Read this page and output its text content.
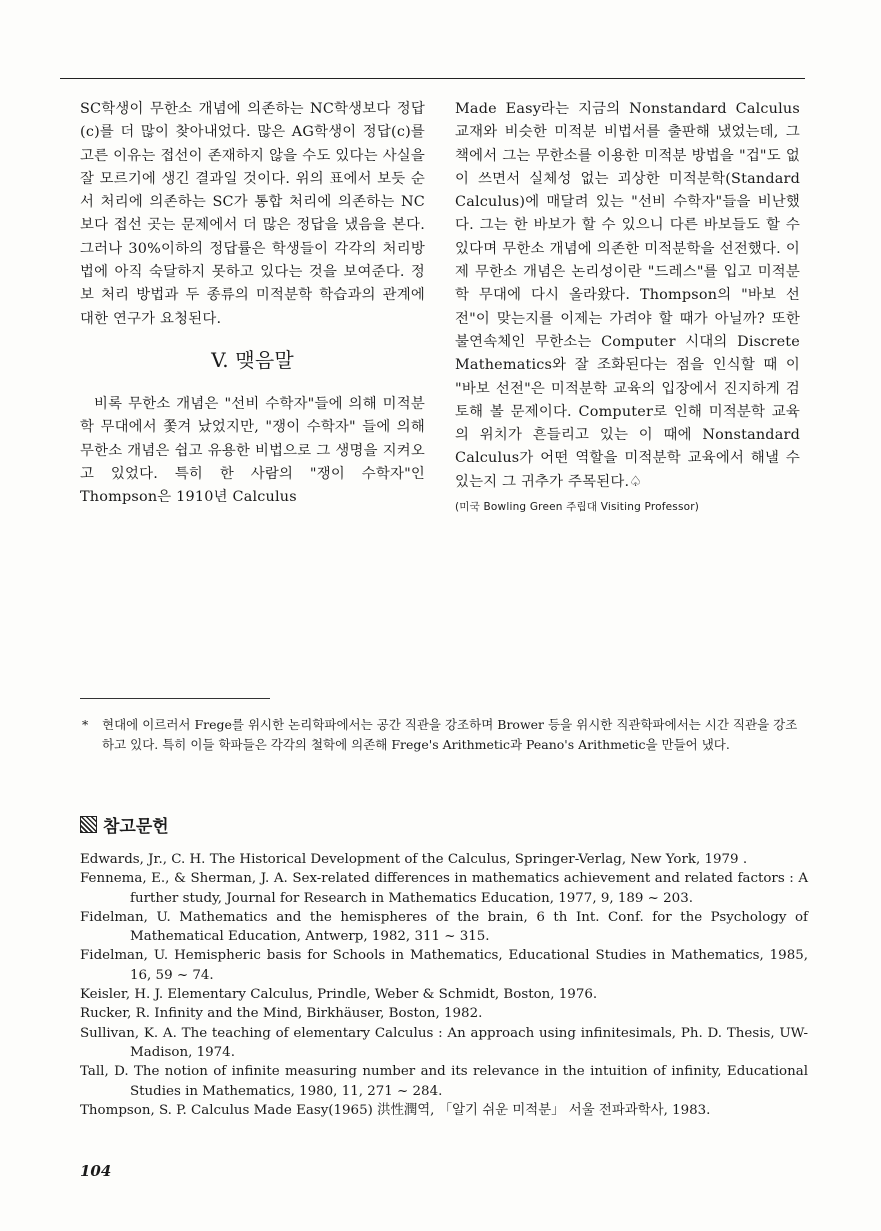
SC학생이 무한소 개념에 의존하는 NC학생보다 정답(c)를 더 많이 찾아내었다. 많은 AG학생이 정답(c)를 고른 이유는 접선이 존재하지 않을 수도 있다는 사실을 잘 모르기에 생긴 결과일 것이다. 위의 표에서 보듯 순서 처리에 의존하는 SC가 통합 처리에 의존하는 NC보다 접선 곳는 문제에서 더 많은 정답을 냈음을 본다. 그러나 30%이하의 정답률은 학생들이 각각의 처리방법에 아직 숙달하지 못하고 있다는 것을 보여준다. 정보 처리 방법과 두 종류의 미적분학 학습과의 관계에 대한 연구가 요청된다.

V. 맺음말

비록 무한소 개념은 "선비 수학자"들에 의해 미적분학 무대에서 쫓겨 났었지만, "쟁이 수학자" 들에 의해 무한소 개념은 쉽고 유용한 비법으로 그 생명을 지켜오고 있었다. 특히 한 사람의 "쟁이 수학자"인 Thompson은 1910년 Calculus

Made Easy라는 지금의 Nonstandard Calculus 교재와 비슷한 미적분 비법서를 출판해 냈었는데, 그 책에서 그는 무한소를 이용한 미적분 방법을 "겁"도 없이 쓰면서 실체성 없는 괴상한 미적분학(Standard Calculus)에 매달려 있는 "선비 수학자"들을 비난했다. 그는 한 바보가 할 수 있으니 다른 바보들도 할 수 있다며 무한소 개념에 의존한 미적분학을 선전했다. 이제 무한소 개념은 논리성이란 "드레스"를 입고 미적분학 무대에 다시 올라왔다. Thompson의 "바보 선전"이 맞는지를 이제는 가려야 할 때가 아닐까? 또한 불연속체인 무한소는 Computer 시대의 Discrete Mathematics와 잘 조화된다는 점을 인식할 때 이 "바보 선전"은 미적분학 교육의 입장에서 진지하게 검토해 볼 문제이다. Computer로 인해 미적분학 교육의 위치가 흔들리고 있는 이 때에 Nonstandard Calculus가 어떤 역할을 미적분학 교육에서 해낼 수 있는지 그 귀추가 주목된다.♤

(미국 Bowling Green 주립대 Visiting Professor)

* 현대에 이르러서 Frege를 위시한 논리학파에서는 공간 직관을 강조하며 Brower 등을 위시한 직관학파에서는 시간 직관을 강조하고 있다. 특히 이들 학파들은 각각의 철학에 의존해 Frege's Arithmetic과 Peano's Arithmetic을 만들어 냈다.
참고문헌
Edwards, Jr., C. H. The Historical Development of the Calculus, Springer-Verlag, New York, 1979 .
Fennema, E., & Sherman, J. A. Sex-related differences in mathematics achievement and related factors : A further study, Journal for Research in Mathematics Education, 1977, 9, 189 ~ 203.
Fidelman, U. Mathematics and the hemispheres of the brain, 6 th Int. Conf. for the Psychology of Mathematical Education, Antwerp, 1982, 311 ~ 315.
Fidelman, U. Hemispheric basis for Schools in Mathematics, Educational Studies in Mathematics, 1985, 16, 59 ~ 74.
Keisler, H. J. Elementary Calculus, Prindle, Weber & Schmidt, Boston, 1976.
Rucker, R. Infinity and the Mind, Birkhäuser, Boston, 1982.
Sullivan, K. A. The teaching of elementary Calculus : An approach using infinitesimals, Ph. D. Thesis, UW-Madison, 1974.
Tall, D. The notion of infinite measuring number and its relevance in the intuition of infinity, Educational Studies in Mathematics, 1980, 11, 271 ~ 284.
Thompson, S. P. Calculus Made Easy(1965) 洪性潤역, 「알기 쉬운 미적분」 서울 전파과학사, 1983.
104
